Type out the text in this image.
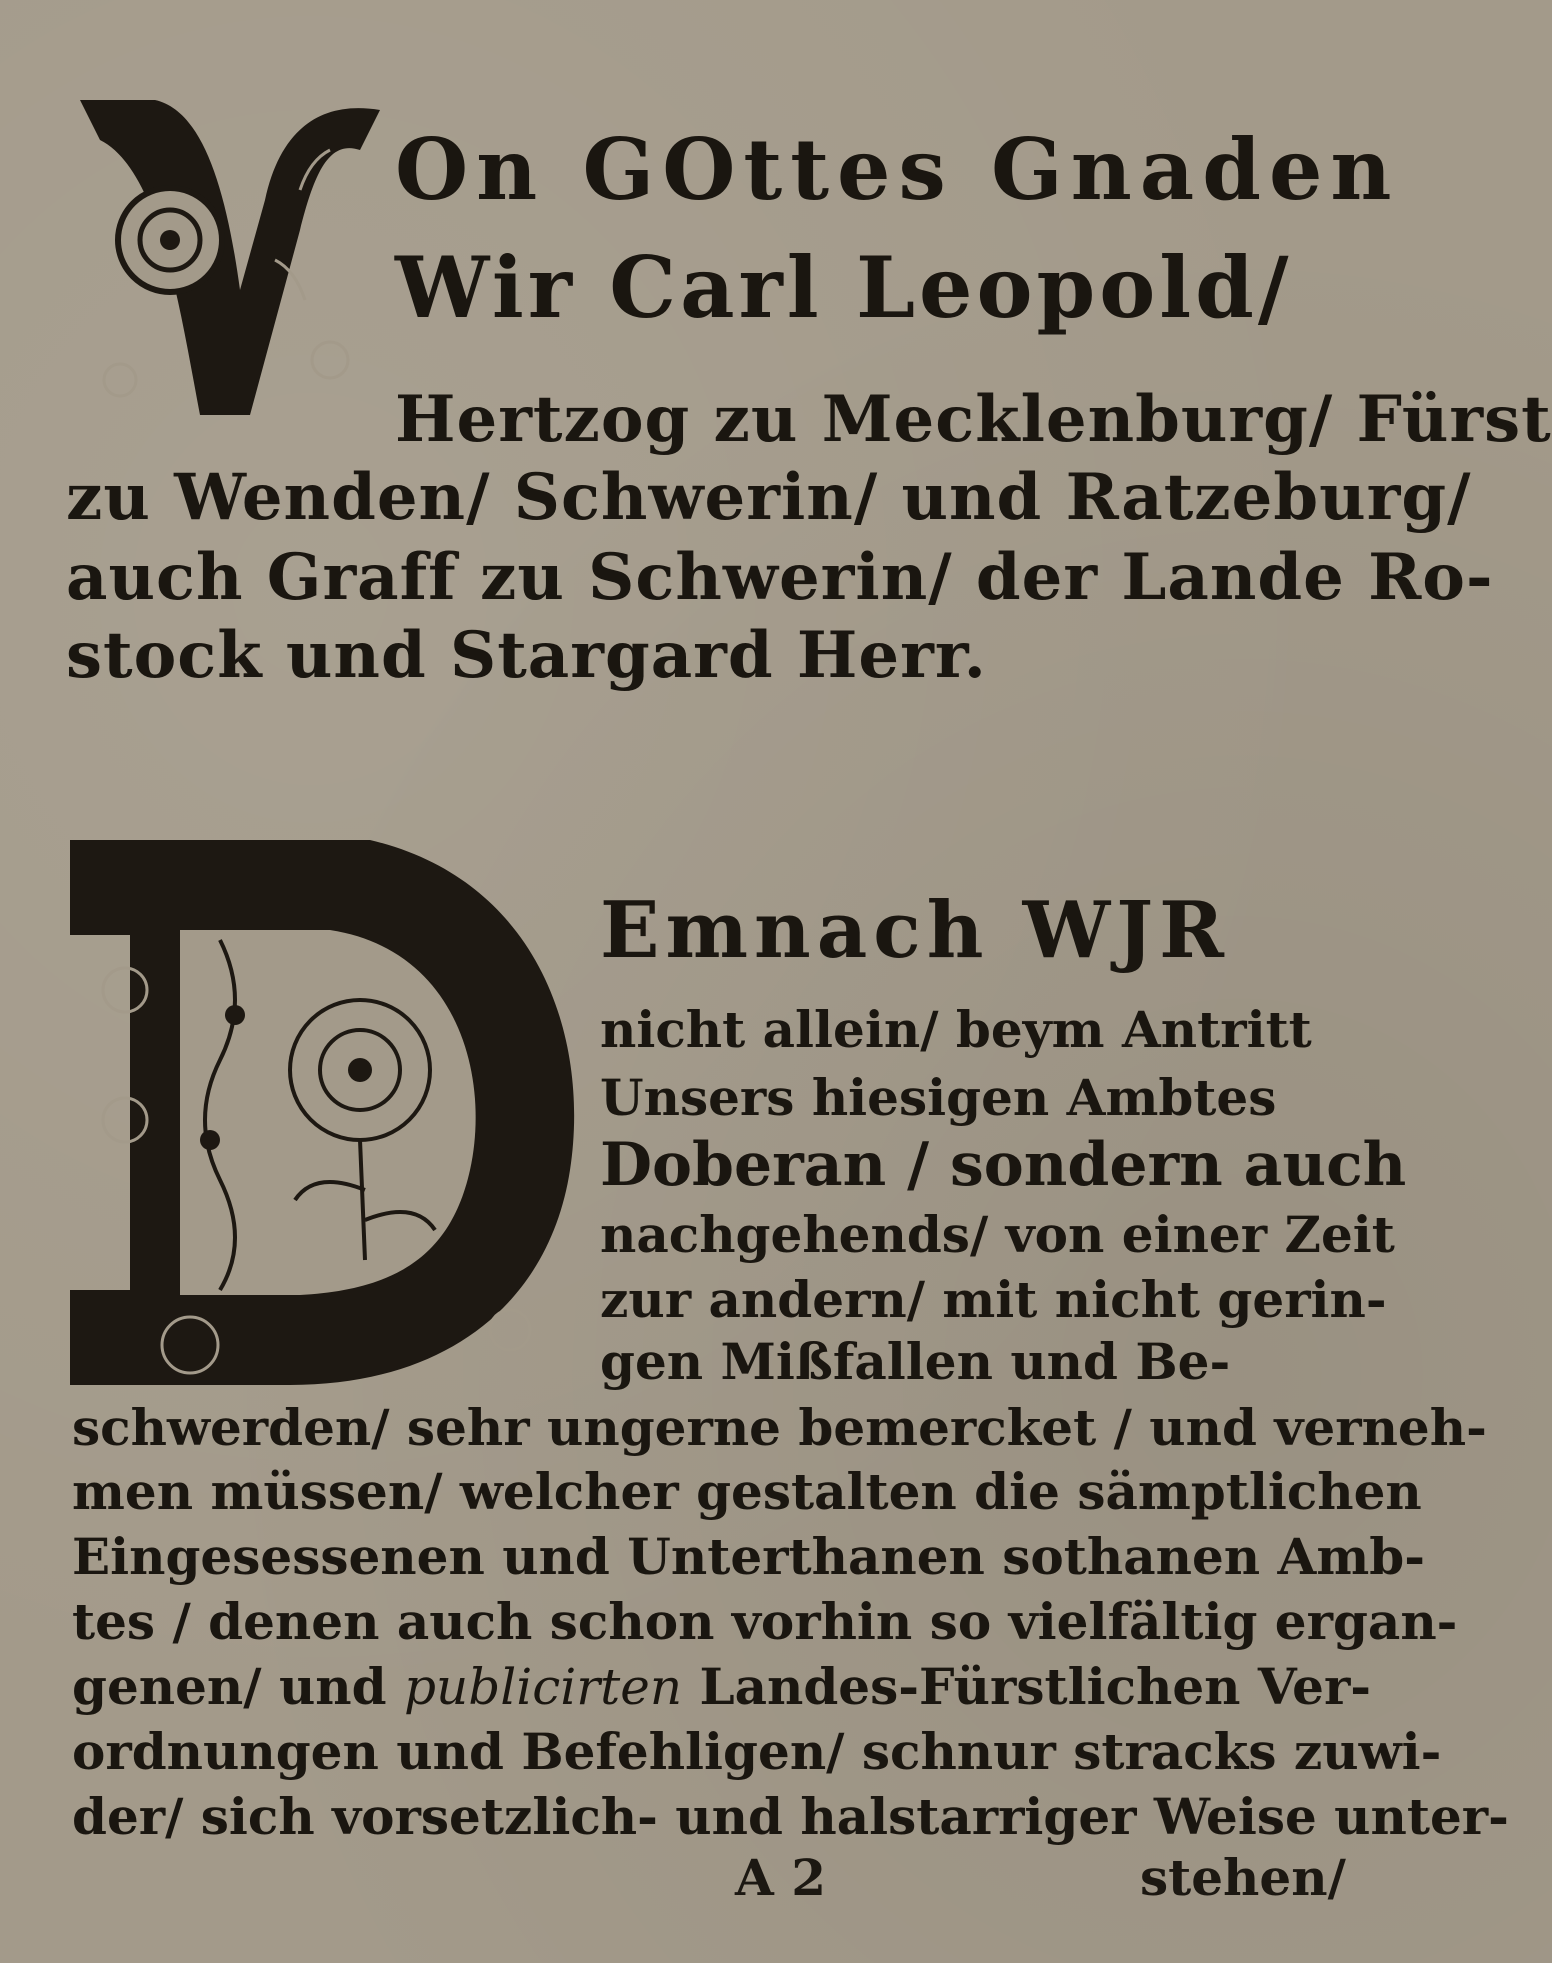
On GOttes Gnaden
Wir Carl Leopold/
Hertzog zu Mecklenburg/ Fürst
zu Wenden/ Schwerin/ und Ratzeburg/
auch Graff zu Schwerin/ der Lande Ro-
stock und Stargard Herr.
Emnach WJR
nicht allein/ beym Antritt
Unsers hiesigen Ambtes
Doberan / sondern auch
nachgehends/ von einer Zeit
zur andern/ mit nicht gerin-
gen Mißfallen und Be-
schwerden/ sehr ungerne bemercket / und verneh-
men müssen/ welcher gestalten die sämptlichen
Eingesessenen und Unterthanen sothanen Amb-
tes / denen auch schon vorhin so vielfältig ergan-
genen/ und publicirten Landes-Fürstlichen Ver-
ordnungen und Befehligen/ schnur stracks zuwi-
der/ sich vorsetzlich- und halstarriger Weise unter-
A 2	stehen/
